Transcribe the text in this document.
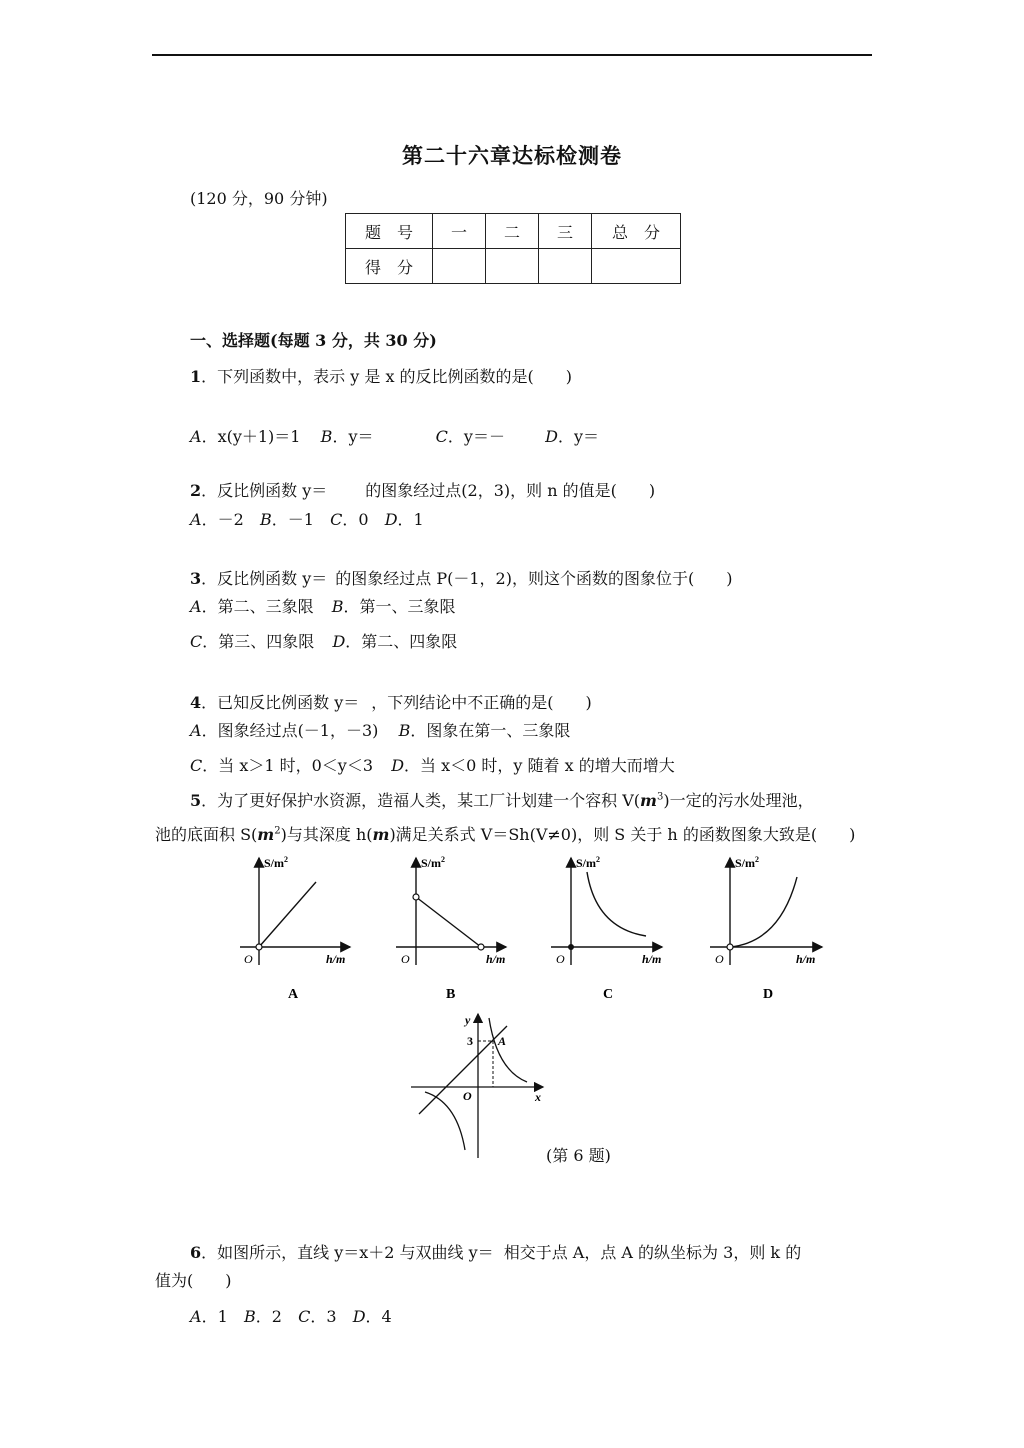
第二十六章达标检测卷
(120 分，90 分钟)
题　号	一	二	三	总　分
得　分				
一、选择题(每题 3 分，共 30 分)
1．下列函数中，表示 y 是 x 的反比例函数的是(　　)
A．x(y＋1)＝1 B．y＝	C．y＝－	D．y＝
2．反比例函数 y＝ 的图象经过点(2，3)，则 n 的值是(　　)
A．－2 B．－1 C．0 D．1
3．反比例函数 y＝ 的图象经过点 P(－1，2)，则这个函数的图象位于(　　)
A．第二、三象限 B．第一、三象限
C．第三、四象限 D．第二、四象限
4．已知反比例函数 y＝ ，下列结论中不正确的是(　　)
A．图象经过点(－1，－3) B．图象在第一、三象限
C．当 x＞1 时，0＜y＜3 D．当 x＜0 时，y 随着 x 的增大而增大
5．为了更好保护水资源，造福人类，某工厂计划建一个容积 $V(m^3)$一定的污水处理池，
池的底面积 $S(m^2)$与其深度 h(m)满足关系式 V＝Sh(V≠0)，则 S 关于 h 的函数图象大致是(　　)
$S/m^2$
h/m
O
$S/m^2$
h/m
O
$S/m^2$
h/m
O
$S/m^2$
h/m
O
A	B	C	D
y
x
O
3 A
(第 6 题)
6．如图所示，直线 y＝x＋2 与双曲线 y＝ 相交于点 A，点 A 的纵坐标为 3，则 k 的
值为(　　)
A．1 B．2 C．3 D．4
